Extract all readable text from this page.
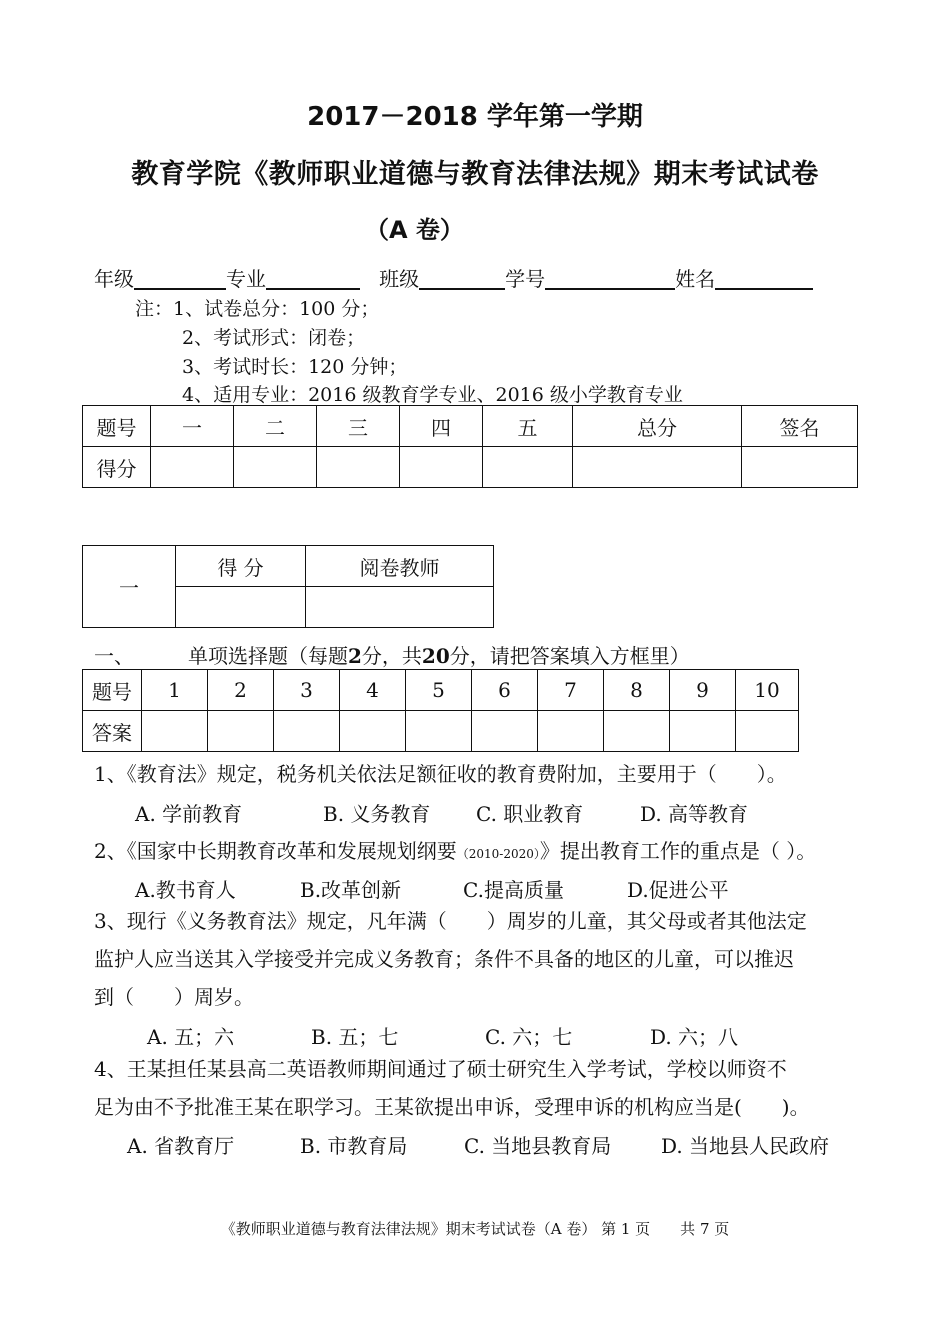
2017－2018 学年第一学期
教育学院《教师职业道德与教育法律法规》期末考试试卷
（A 卷）
年级	专业	班级	学号	姓名
注：1、试卷总分：100 分；
2、考试形式：闭卷；
3、考试时长：120 分钟；
4、适用专业：2016 级教育学专业、2016 级小学教育专业
题号	一	二	三	四	五	总分	签名
得分							
一	得 分	阅卷教师

一、	单项选择题（每题2分，共20分，请把答案填入方框里）
题号	1	2	3	4	5	6	7	8	9	10
答案										
1、《教育法》规定，税务机关依法足额征收的教育费附加，主要用于（　　）。
A. 学前教育	B. 义务教育 C. 职业教育	D. 高等教育
2、《国家中长期教育改革和发展规划纲要（2010-2020）》提出教育工作的重点是（ ）。
A.教书育人	B.改革创新	C.提高质量	D.促进公平
3、现行《义务教育法》规定，凡年满（　　）周岁的儿童，其父母或者其他法定
监护人应当送其入学接受并完成义务教育；条件不具备的地区的儿童，可以推迟
到（　　）周岁。
A. 五；六	B. 五；七	C. 六；七	D. 六；八
4、王某担任某县高二英语教师期间通过了硕士研究生入学考试，学校以师资不
足为由不予批准王某在职学习。王某欲提出申诉，受理申诉的机构应当是(　　)。
A. 省教育厅	B. 市教育局	C. 当地县教育局 D. 当地县人民政府
《教师职业道德与教育法律法规》期末考试试卷（A 卷） 第 1 页　　共 7 页
